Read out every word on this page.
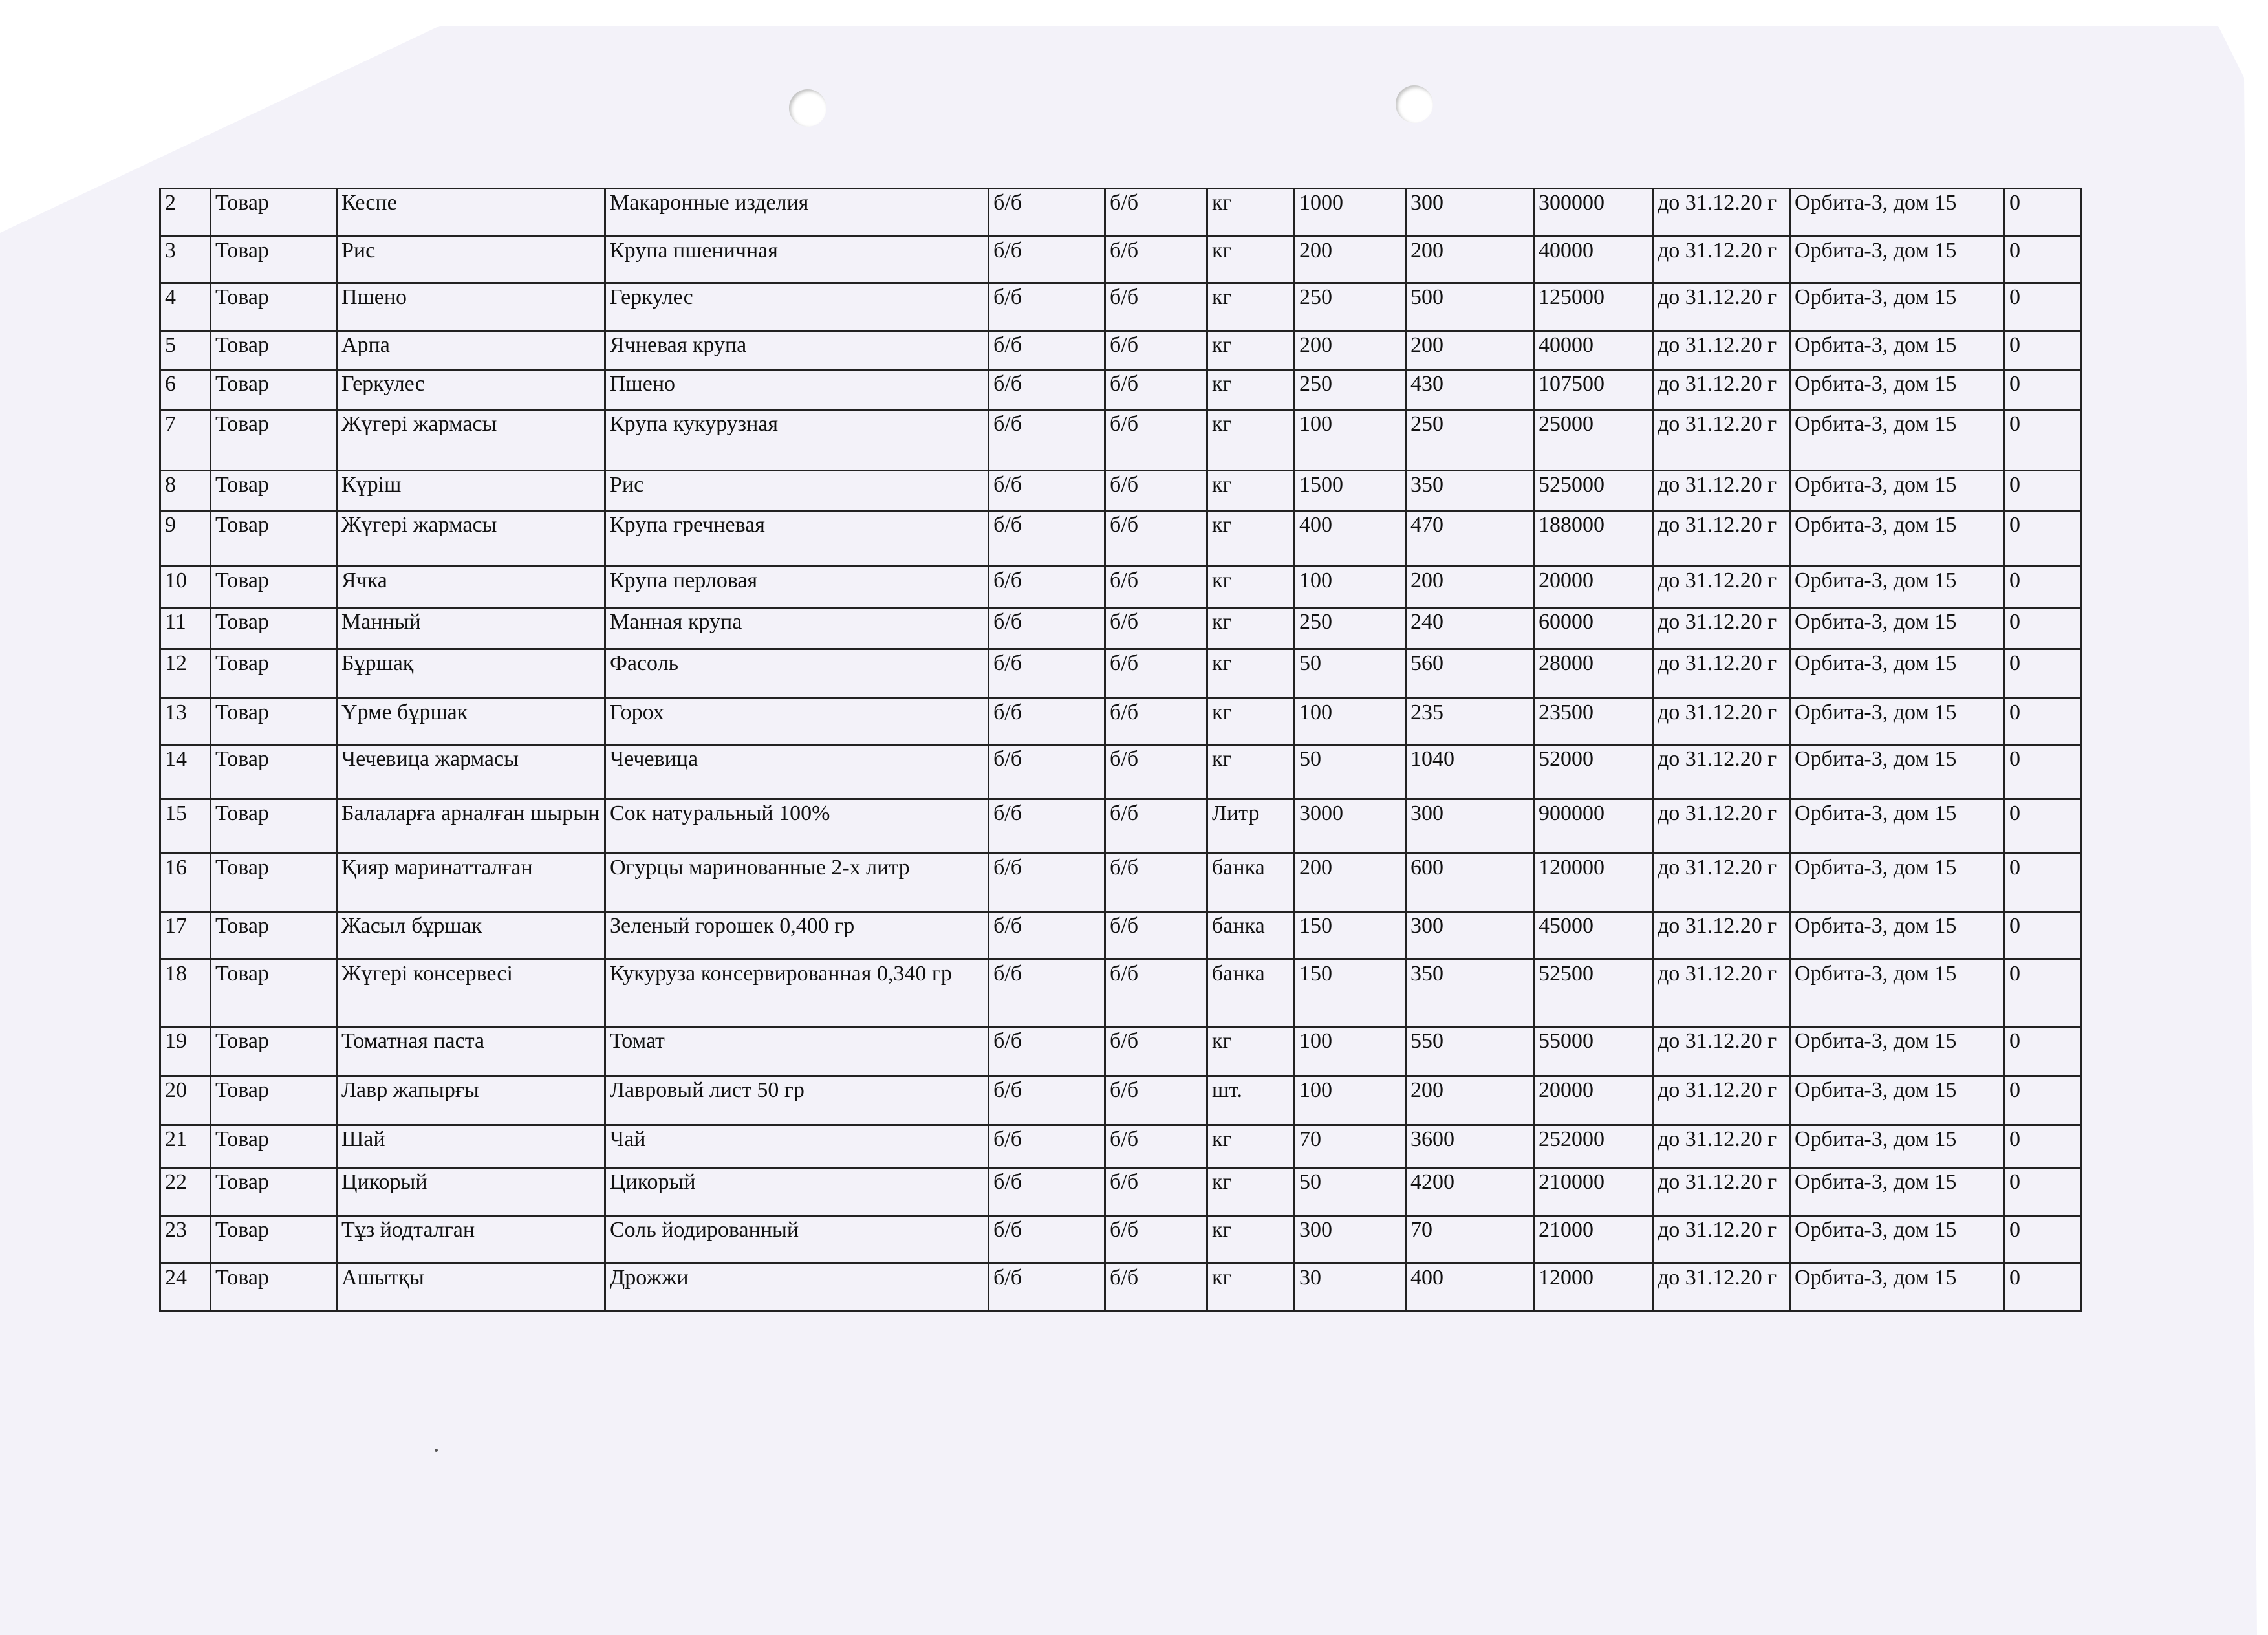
2	Товар	Кеспе	Макаронные изделия	б/б	б/б	кг	1000	300	300000	до 31.12.20 г	Орбита-3, дом 15	0
3	Товар	Рис	Крупа пшеничная	б/б	б/б	кг	200	200	40000	до 31.12.20 г	Орбита-3, дом 15	0
4	Товар	Пшено	Геркулес	б/б	б/б	кг	250	500	125000	до 31.12.20 г	Орбита-3, дом 15	0
5	Товар	Арпа	Ячневая крупа	б/б	б/б	кг	200	200	40000	до 31.12.20 г	Орбита-3, дом 15	0
6	Товар	Геркулес	Пшено	б/б	б/б	кг	250	430	107500	до 31.12.20 г	Орбита-3, дом 15	0
7	Товар	Жүгері жармасы	Крупа кукурузная	б/б	б/б	кг	100	250	25000	до 31.12.20 г	Орбита-3, дом 15	0
8	Товар	Күріш	Рис	б/б	б/б	кг	1500	350	525000	до 31.12.20 г	Орбита-3, дом 15	0
9	Товар	Жүгері жармасы	Крупа гречневая	б/б	б/б	кг	400	470	188000	до 31.12.20 г	Орбита-3, дом 15	0
10	Товар	Ячка	Крупа перловая	б/б	б/б	кг	100	200	20000	до 31.12.20 г	Орбита-3, дом 15	0
11	Товар	Манный	Манная крупа	б/б	б/б	кг	250	240	60000	до 31.12.20 г	Орбита-3, дом 15	0
12	Товар	Бұршақ	Фасоль	б/б	б/б	кг	50	560	28000	до 31.12.20 г	Орбита-3, дом 15	0
13	Товар	Үрме бұршак	Горох	б/б	б/б	кг	100	235	23500	до 31.12.20 г	Орбита-3, дом 15	0
14	Товар	Чечевица жармасы	Чечевица	б/б	б/б	кг	50	1040	52000	до 31.12.20 г	Орбита-3, дом 15	0
15	Товар	Балаларға арналған шырын	Сок натуральный 100%	б/б	б/б	Литр	3000	300	900000	до 31.12.20 г	Орбита-3, дом 15	0
16	Товар	Қияр маринатталған	Огурцы маринованные 2-х литр	б/б	б/б	банка	200	600	120000	до 31.12.20 г	Орбита-3, дом 15	0
17	Товар	Жасыл бұршак	Зеленый горошек 0,400 гр	б/б	б/б	банка	150	300	45000	до 31.12.20 г	Орбита-3, дом 15	0
18	Товар	Жүгері консервесі	Кукуруза консервированная 0,340 гр	б/б	б/б	банка	150	350	52500	до 31.12.20 г	Орбита-3, дом 15	0
19	Товар	Томатная паста	Томат	б/б	б/б	кг	100	550	55000	до 31.12.20 г	Орбита-3, дом 15	0
20	Товар	Лавр жапырғы	Лавровый лист 50 гр	б/б	б/б	шт.	100	200	20000	до 31.12.20 г	Орбита-3, дом 15	0
21	Товар	Шай	Чай	б/б	б/б	кг	70	3600	252000	до 31.12.20 г	Орбита-3, дом 15	0
22	Товар	Цикорый	Цикорый	б/б	б/б	кг	50	4200	210000	до 31.12.20 г	Орбита-3, дом 15	0
23	Товар	Тұз йодталган	Соль йодированный	б/б	б/б	кг	300	70	21000	до 31.12.20 г	Орбита-3, дом 15	0
24	Товар	Ашытқы	Дрожжи	б/б	б/б	кг	30	400	12000	до 31.12.20 г	Орбита-3, дом 15	0
